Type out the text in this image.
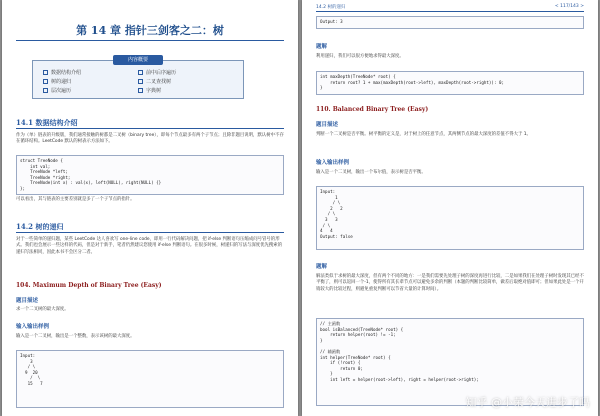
第 14 章 指针三剑客之二：树
内容概要
数据结构介绍	前中后序遍历
树的递归	二叉查找树
层次遍历	字典树
14.1 数据结构介绍
作为（单）链表的升级版，我们通常接触的树都是二叉树（binary tree），即每个节点最多有两个子节点；且除非题目说明，默认树中不存在循环结构。LeetCode 默认的树表示方法如下。
struct TreeNode {
int val;
TreeNode *left;
TreeNode *right;
TreeNode(int x) : val(x), left(NULL), right(NULL) {}
};
可以看出，其与链表的主要差别就是多了一个子节点的指针。
14.2 树的递归
对于一些简单的递归题，某些 LeetCode 达人喜欢写 one-line code，即用一行代码解决问题，把 if-else 判断语句压缩成问号冒号的形式。我们也会展示一些这样的代码，但是对于新手，笔者仍然建议您使用 if-else 判断语句。在很多时候，树递归的写法与深度优先搜索的递归写法相同，因此本书不会区分二者。
104. Maximum Depth of Binary Tree (Easy)
题目描述
求一个二叉树的最大深度。
输入输出样例
输入是一个二叉树，输出是一个整数，表示该树的最大深度。
Input:
3
/ \
9  20
/  \
15   7
14.2 树的递归	< 117/143 >
Output: 3
题解
利用递归，我们可以很方便地求得最大深度。
int maxDepth(TreeNode* root) {
return root? 1 + max(maxDepth(root->left), maxDepth(root->right)): 0;
}
110. Balanced Binary Tree (Easy)
题目描述
判断一个二叉树是否平衡。树平衡的定义是，对于树上的任意节点，其两侧节点的最大深度的差值不得大于 1。
输入输出样例
输入是一个二叉树，输出一个布尔值，表示树是否平衡。
Input:
1
/ \
2   2
/ \
3   3
/ \
4   4
Output: false
题解
解法类似于求树的最大深度，但有两个不同的地方：一是我们需要先处理子树的深度再进行比较，二是如果我们在处理子树时发现其已经不平衡了，则可以返回一个-1，使得所有其长辈节点可以避免多余的判断（本题的判断比较简单，做差后取绝对值即可；但如果此处是一个开销较大的比较过程，则避免重复判断可以节省大量的计算时间）。
// 主函数
bool isBalanced(TreeNode* root) {
return helper(root) != -1;
}

// 辅函数
int helper(TreeNode* root) {
if (!root) {
return 0;
}
int left = helper(root->left), right = helper(root->right);
知乎 @小荣今天进步了吗
